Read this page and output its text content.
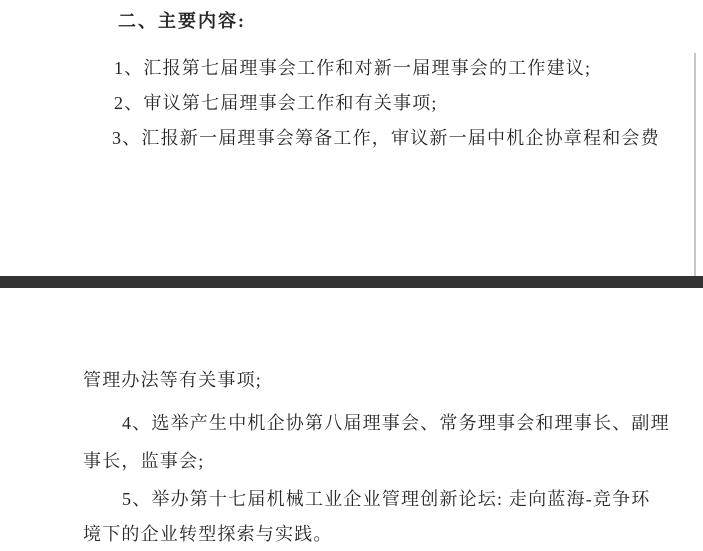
二、主要内容:
1、汇报第七届理事会工作和对新一届理事会的工作建议;
2、审议第七届理事会工作和有关事项;
3、汇报新一届理事会筹备工作，审议新一届中机企协章程和会费
管理办法等有关事项;
4、选举产生中机企协第八届理事会、常务理事会和理事长、副理
事长，监事会;
5、举办第十七届机械工业企业管理创新论坛: 走向蓝海-竞争环
境下的企业转型探索与实践。
